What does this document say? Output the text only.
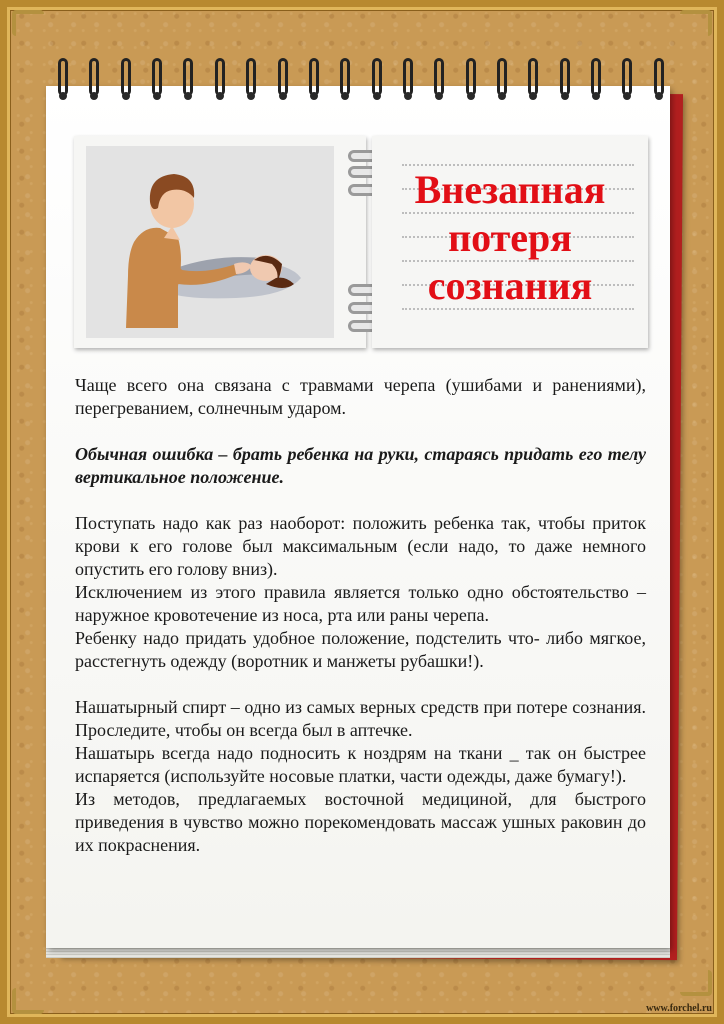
Внезапная
потеря
сознания

Чаще всего она связана с травмами черепа (ушибами и ранениями), перегреванием, солнечным ударом.

Обычная ошибка – брать ребенка на руки, стараясь придать его телу вертикальное положение.

Поступать надо как раз наоборот: положить ребенка так, чтобы приток крови к его голове был максимальным (если надо, то даже немного опустить его голову вниз).

Исключением из этого правила является только одно обстоятельство – наружное кровотечение из носа, рта или раны черепа.

Ребенку надо придать удобное положение, подстелить что- либо мягкое, расстегнуть одежду (воротник и манжеты рубашки!).

Нашатырный спирт – одно из самых верных средств при потере сознания. Проследите, чтобы он всегда был в аптечке.

Нашатырь всегда надо подносить к ноздрям на ткани _ так он быстрее испаряется (используйте носовые платки, части одежды, даже бумагу!).

Из методов, предлагаемых восточной медициной, для быстрого приведения в чувство можно порекомендовать массаж ушных раковин до их покраснения.

www.forchel.ru
